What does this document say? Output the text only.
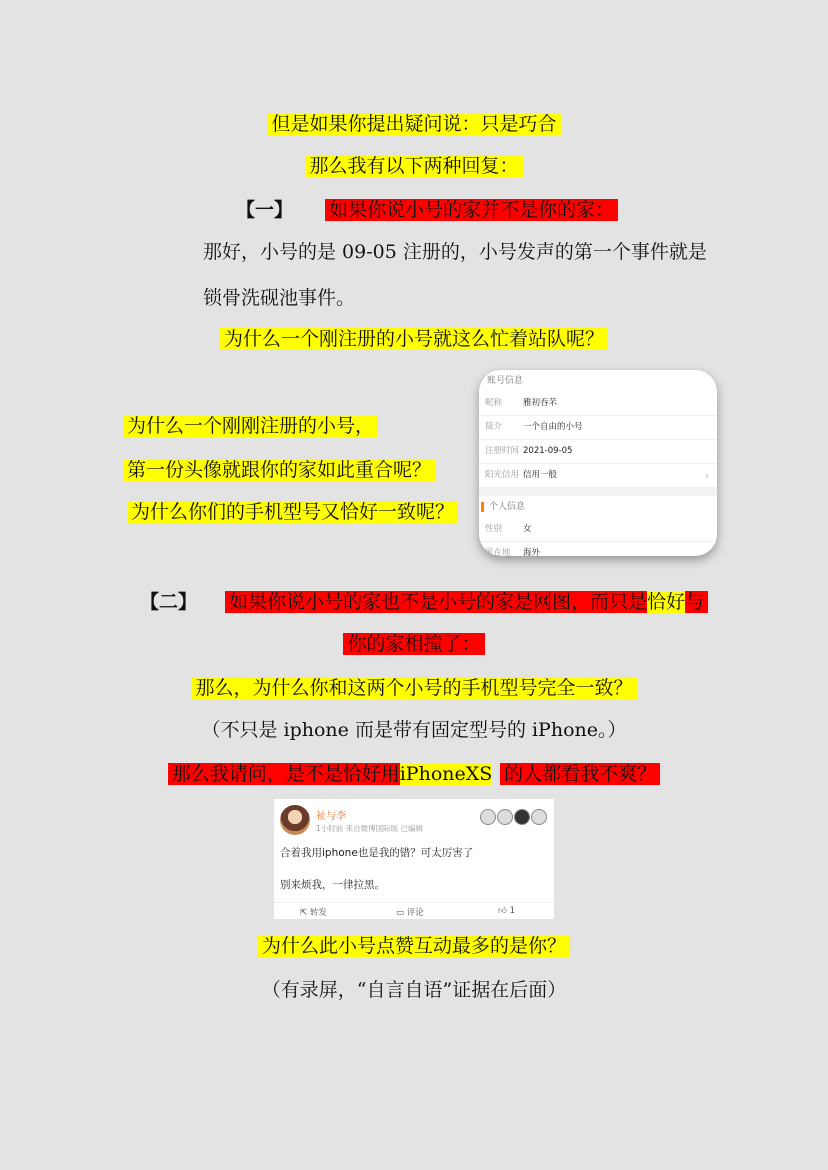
但是如果你提出疑问说：只是巧合
那么我有以下两种回复：
【一】 如果你说小号的家并不是你的家：
那好，小号的是 09-05 注册的，小号发声的第一个事件就是
锁骨洗砚池事件。
为什么一个刚注册的小号就这么忙着站队呢？
为什么一个刚刚注册的小号，
第一份头像就跟你的家如此重合呢？
为什么你们的手机型号又恰好一致呢？
账号信息
昵称 雅初吞芣
简介 一个自由的小号
注册时间 2021-09-05
阳光信用 信用一般	›
个人信息
性别 女
所在地 海外
【二】 如果你说小号的家也不是小号的家是网图，而只是恰好与
你的家相撞了：
那么，为什么你和这两个小号的手机型号完全一致？
（不只是 iphone 而是带有固定型号的 iPhone。）
那么我请问，是不是恰好用iPhoneXS 的人都看我不爽？
祉与李
1小时前 来自微博国际版 已编辑
合着我用iphone也是我的错？可太厉害了
别来烦我，一律拉黑。
⇱ 转发	▭ 评论	👍︎ 1
为什么此小号点赞互动最多的是你？
（有录屏，“自言自语”证据在后面）
